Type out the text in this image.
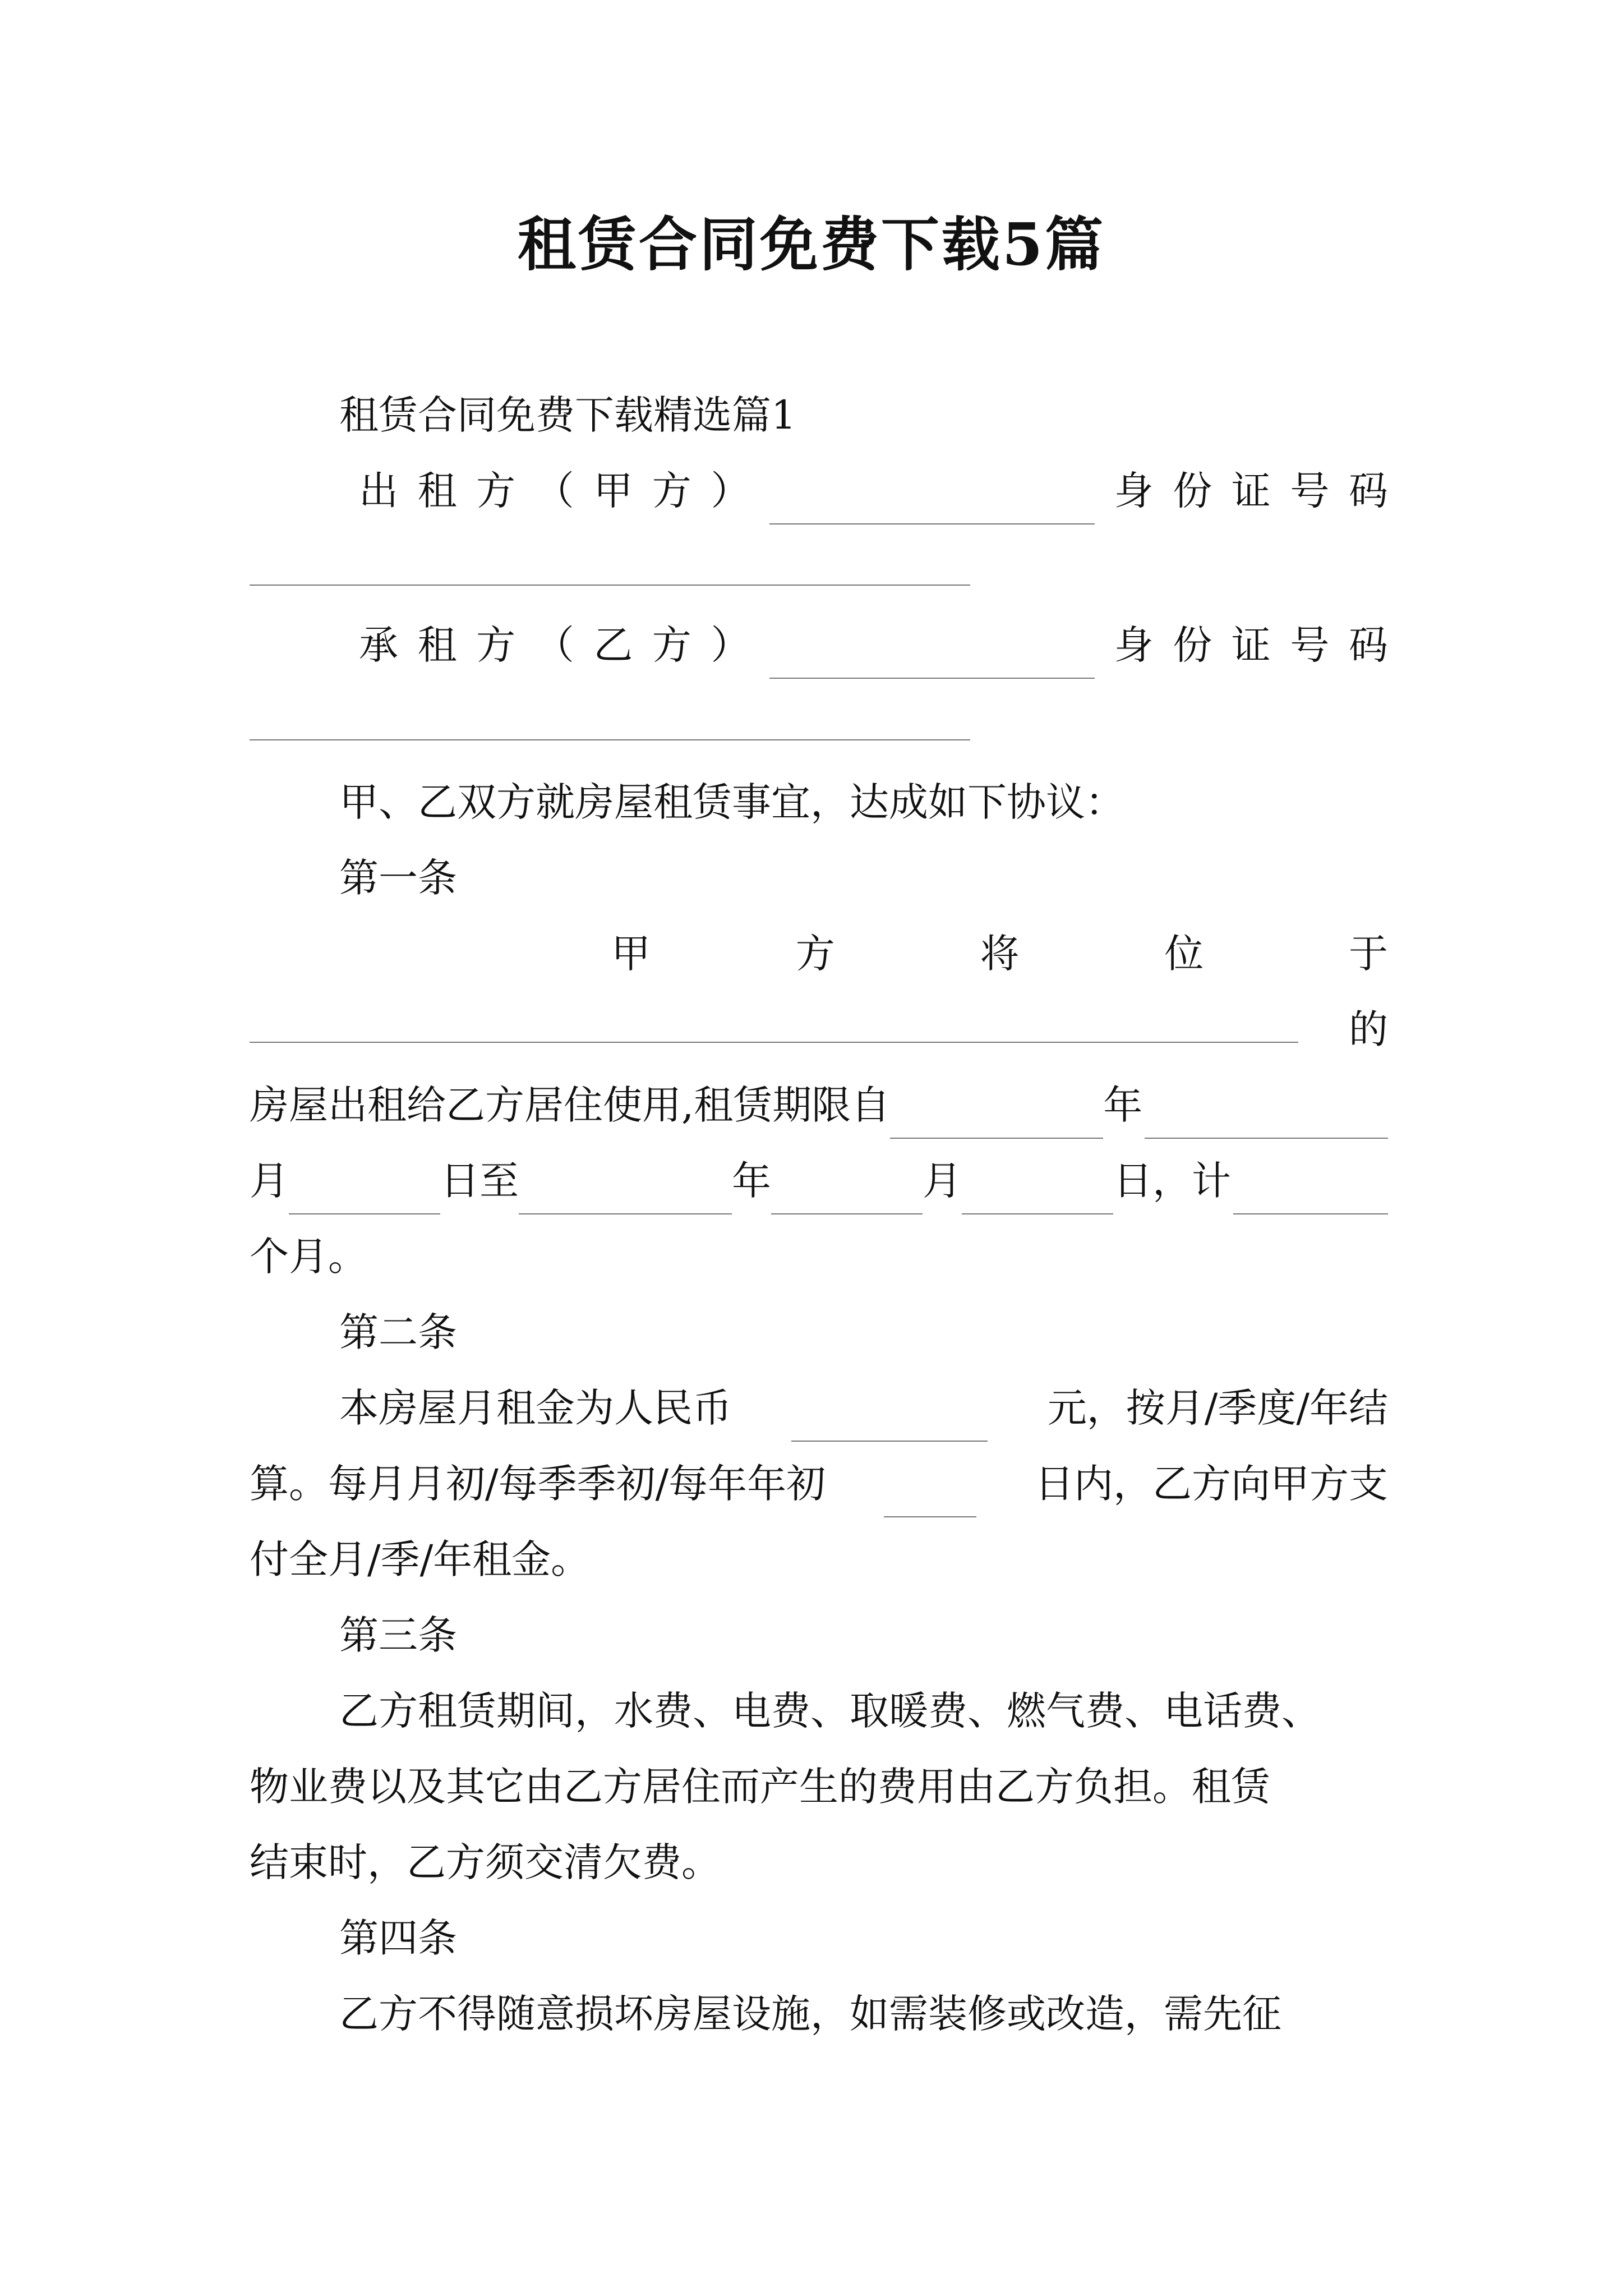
租赁合同免费下载5篇
租赁合同免费下载精选篇1
出 租 方 （ 甲 方 ）	身 份 证 号 码
承 租 方 （ 乙 方 ）	身 份 证 号 码
甲、乙双方就房屋租赁事宜，达成如下协议：
第一条
甲	方	将	位	于
的
房屋出租给乙方居住使用,租赁期限自	年
月	日至	年	月	日，计
个月。
第二条
本房屋月租金为人民币	元，按月/季度/年结
算。每月月初/每季季初/每年年初	日内，乙方向甲方支
付全月/季/年租金。
第三条
乙方租赁期间，水费、电费、取暖费、燃气费、电话费、
物业费以及其它由乙方居住而产生的费用由乙方负担。租赁
结束时，乙方须交清欠费。
第四条
乙方不得随意损坏房屋设施，如需装修或改造，需先征
